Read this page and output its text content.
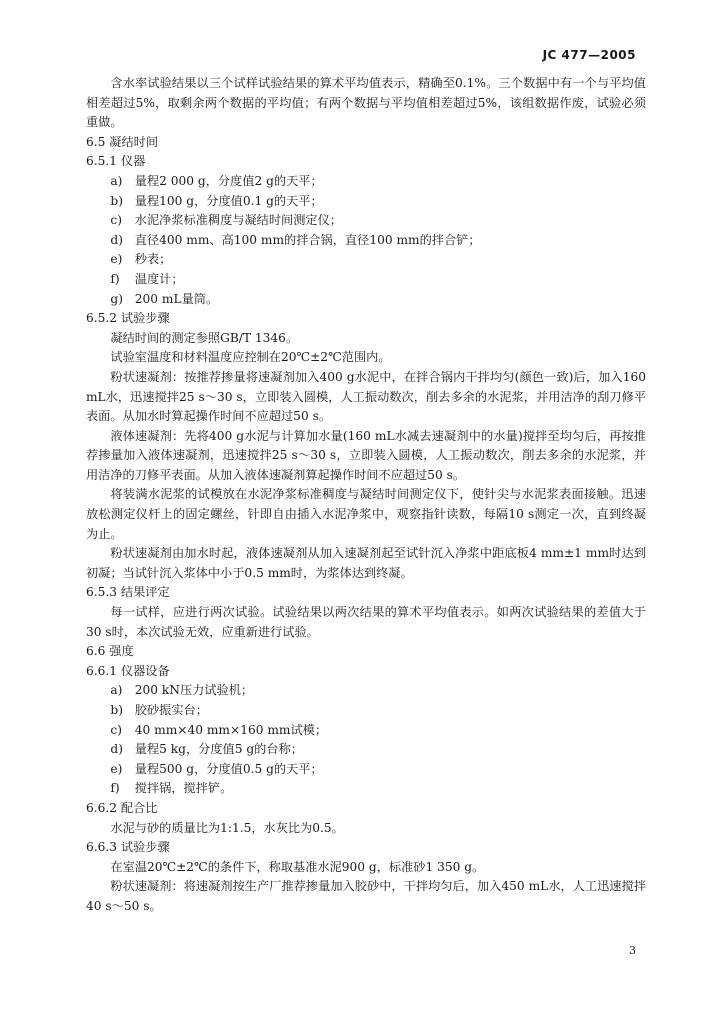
JC 477—2005
含水率试验结果以三个试样试验结果的算术平均值表示，精确至0.1%。三个数据中有一个与平均值相差超过5%，取剩余两个数据的平均值；有两个数据与平均值相差超过5%，该组数据作废，试验必须重做。
6.5 凝结时间
6.5.1 仪器
a) 量程2 000 g，分度值2 g的天平；
b) 量程100 g，分度值0.1 g的天平；
c) 水泥净浆标准稠度与凝结时间测定仪；
d) 直径400 mm、高100 mm的拌合锅，直径100 mm的拌合铲；
e) 秒表；
f) 温度计；
g) 200 mL量筒。
6.5.2 试验步骤
凝结时间的测定参照GB/T 1346。
试验室温度和材料温度应控制在20℃±2℃范围内。
粉状速凝剂：按推荐掺量将速凝剂加入400 g水泥中，在拌合锅内干拌均匀(颜色一致)后，加入160 mL水，迅速搅拌25 s～30 s，立即装入圆模，人工振动数次，削去多余的水泥浆，并用洁净的刮刀修平表面。从加水时算起操作时间不应超过50 s。
液体速凝剂：先将400 g水泥与计算加水量(160 mL水减去速凝剂中的水量)搅拌至均匀后，再按推荐掺量加入液体速凝剂，迅速搅拌25 s～30 s，立即装入圆模，人工振动数次，削去多余的水泥浆，并用洁净的刀修平表面。从加入液体速凝剂算起操作时间不应超过50 s。
将装满水泥浆的试模放在水泥净浆标准稠度与凝结时间测定仪下，使针尖与水泥浆表面接触。迅速放松测定仪杆上的固定螺丝，针即自由插入水泥净浆中，观察指针读数，每隔10 s测定一次，直到终凝为止。
粉状速凝剂由加水时起，液体速凝剂从加入速凝剂起至试针沉入净浆中距底板4 mm±1 mm时达到初凝；当试针沉入浆体中小于0.5 mm时，为浆体达到终凝。
6.5.3 结果评定
每一试样，应进行两次试验。试验结果以两次结果的算术平均值表示。如两次试验结果的差值大于30 s时，本次试验无效，应重新进行试验。
6.6 强度
6.6.1 仪器设备
a) 200 kN压力试验机；
b) 胶砂振实台；
c) 40 mm×40 mm×160 mm试模；
d) 量程5 kg，分度值5 g的台称；
e) 量程500 g，分度值0.5 g的天平；
f) 搅拌锅，搅拌铲。
6.6.2 配合比
水泥与砂的质量比为1:1.5，水灰比为0.5。
6.6.3 试验步骤
在室温20℃±2℃的条件下，称取基准水泥900 g，标准砂1 350 g。
粉状速凝剂：将速凝剂按生产厂推荐掺量加入胶砂中，干拌均匀后，加入450 mL水，人工迅速搅拌40 s～50 s。
3
